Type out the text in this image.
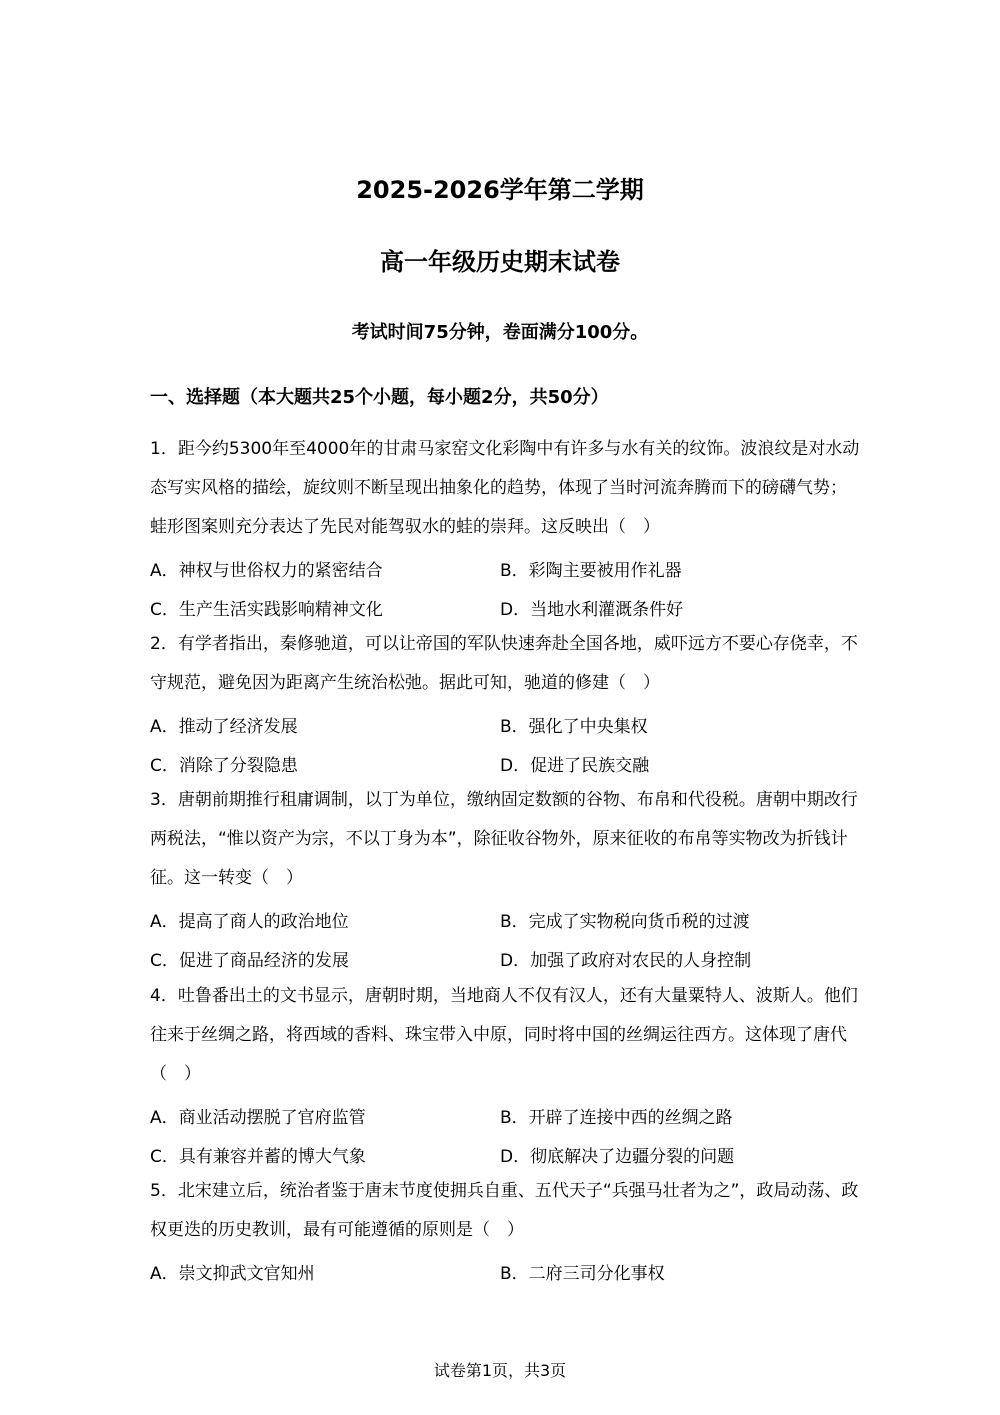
2025-2026学年第二学期
高一年级历史期末试卷
考试时间75分钟，卷面满分100分。
一、选择题（本大题共25个小题，每小题2分，共50分）

1．距今约5300年至4000年的甘肃马家窑文化彩陶中有许多与水有关的纹饰。波浪纹是对水动态写实风格的描绘，旋纹则不断呈现出抽象化的趋势，体现了当时河流奔腾而下的磅礴气势；蛙形图案则充分表达了先民对能驾驭水的蛙的崇拜。这反映出（　）

A．神权与世俗权力的紧密结合	B．彩陶主要被用作礼器
C．生产生活实践影响精神文化	D．当地水利灌溉条件好

2．有学者指出，秦修驰道，可以让帝国的军队快速奔赴全国各地，威吓远方不要心存侥幸，不守规范，避免因为距离产生统治松弛。据此可知，驰道的修建（　）

A．推动了经济发展	B．强化了中央集权
C．消除了分裂隐患	D．促进了民族交融

3．唐朝前期推行租庸调制，以丁为单位，缴纳固定数额的谷物、布帛和代役税。唐朝中期改行两税法，“惟以资产为宗，不以丁身为本”，除征收谷物外，原来征收的布帛等实物改为折钱计征。这一转变（　）

A．提高了商人的政治地位	B．完成了实物税向货币税的过渡
C．促进了商品经济的发展	D．加强了政府对农民的人身控制

4．吐鲁番出土的文书显示，唐朝时期，当地商人不仅有汉人，还有大量粟特人、波斯人。他们往来于丝绸之路，将西域的香料、珠宝带入中原，同时将中国的丝绸运往西方。这体现了唐代（　）

A．商业活动摆脱了官府监管	B．开辟了连接中西的丝绸之路
C．具有兼容并蓄的博大气象	D．彻底解决了边疆分裂的问题

5．北宋建立后，统治者鉴于唐末节度使拥兵自重、五代天子“兵强马壮者为之”，政局动荡、政权更迭的历史教训，最有可能遵循的原则是（　）

A．崇文抑武文官知州	B．二府三司分化事权
试卷第1页，共3页
